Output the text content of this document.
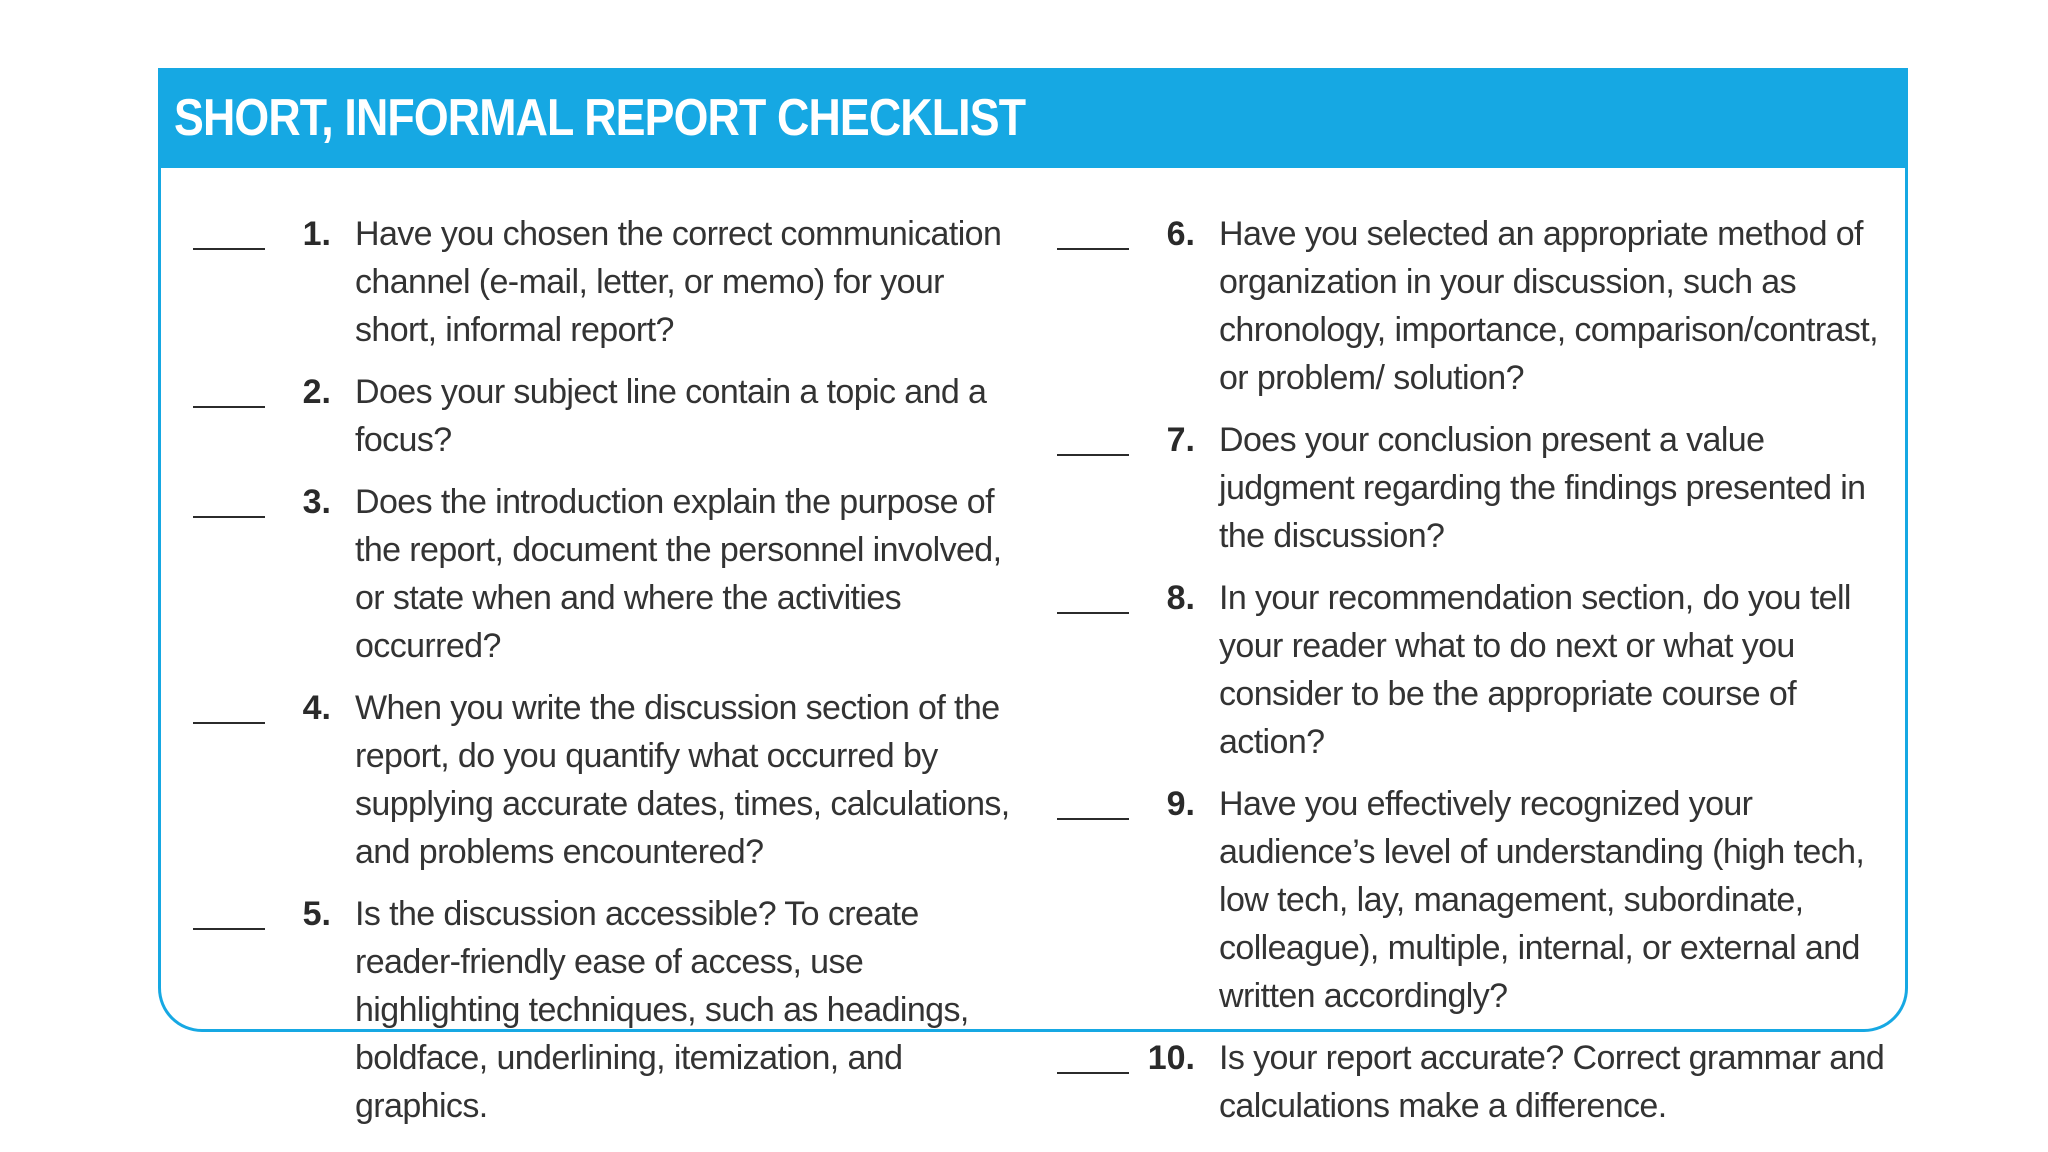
SHORT, INFORMAL REPORT CHECKLIST
1. Have you chosen the correct communication channel (e-mail, letter, or memo) for your short, informal report?
2. Does your subject line contain a topic and a focus?
3. Does the introduction explain the purpose of the report, document the personnel involved, or state when and where the activities occurred?
4. When you write the discussion section of the report, do you quantify what occurred by supplying accurate dates, times, calculations, and problems encountered?
5. Is the discussion accessible? To create reader-friendly ease of access, use highlighting techniques, such as headings, boldface, underlining, itemization, and graphics.
6. Have you selected an appropriate method of organization in your discussion, such as chronology, importance, comparison/contrast, or problem/ solution?
7. Does your conclusion present a value judgment regarding the findings presented in the discussion?
8. In your recommendation section, do you tell your reader what to do next or what you consider to be the appropriate course of action?
9. Have you effectively recognized your audience’s level of understanding (high tech, low tech, lay, management, subordinate, colleague), multiple, internal, or external and written accordingly?
10. Is your report accurate? Correct grammar and calculations make a difference.
